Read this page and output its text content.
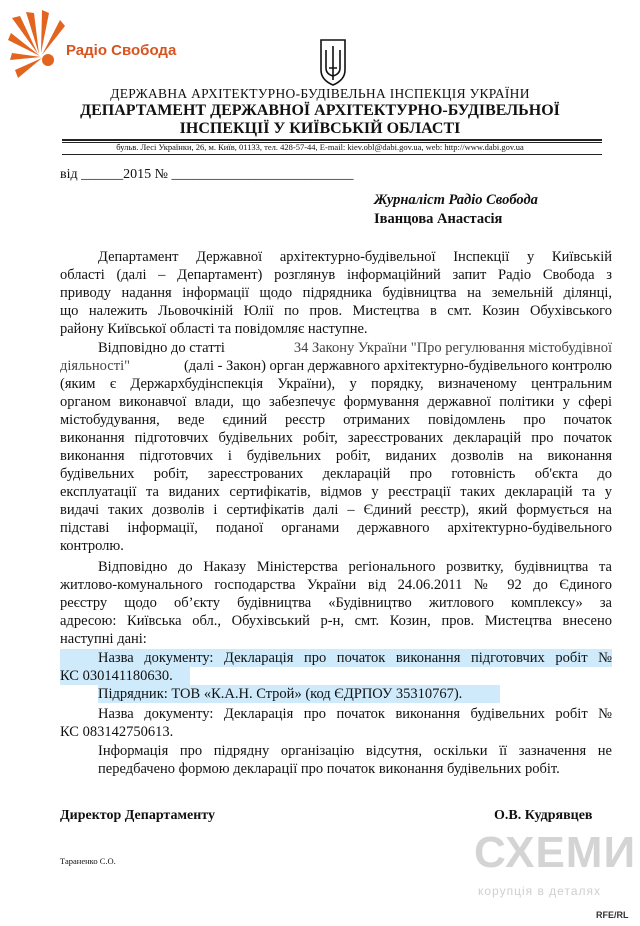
Радіо Свобода
ДЕРЖАВНА АРХІТЕКТУРНО-БУДІВЕЛЬНА ІНСПЕКЦІЯ УКРАЇНИ
ДЕПАРТАМЕНТ ДЕРЖАВНОЇ АРХІТЕКТУРНО-БУДІВЕЛЬНОЇ
ІНСПЕКЦІЇ У КИЇВСЬКІЙ ОБЛАСТІ
бульв. Лесі Українки, 26, м. Київ, 01133, тел. 428-57-44, E-mail: kiev.obl@dabi.gov.ua, web: http://www.dabi.gov.ua
від ______2015 № __________________________
Журналіст Радіо Свобода
Іванцова Анастасія
Департамент Державної архітектурно-будівельної Інспекції у Київській
області (далі – Департамент) розглянув інформаційний запит Радіо Свобода з
приводу надання інформації щодо підрядника будівництва на земельній ділянці,
що належить Льовочкіній Юлії по пров. Мистецтва в смт. Козин Обухівського
району Київської області та повідомляє наступне.
Відповідно до статті	34 Закону України "Про регулювання містобудівної
діяльності"	(далі - Закон) орган державного архітектурно-будівельного контролю
(яким є Держархбудінспекція України), у порядку, визначеному центральним
органом виконавчої влади, що забезпечує формування державної політики у сфері
містобудування, веде єдиний реєстр отриманих повідомлень про початок
виконання підготовчих будівельних робіт, зареєстрованих декларацій про початок
виконання підготовчих і будівельних робіт, виданих дозволів на виконання
будівельних робіт, зареєстрованих декларацій про готовність об'єкта до
експлуатації та виданих сертифікатів, відмов у реєстрації таких декларацій та у
видачі таких дозволів і сертифікатів далі – Єдиний реєстр), який формується на
підставі інформації, поданої органами державного архітектурно-будівельного
контролю.
Відповідно до Наказу Міністерства регіонального розвитку, будівництва та
житлово-комунального господарства України від 24.06.2011 № 92 до Єдиного
реєстру щодо об’єкту будівництва «Будівництво житлового комплексу» за
адресою: Київська обл., Обухівський р-н, смт. Козин, пров. Мистецтва внесено
наступні дані:
Назва документу: Декларація про початок виконання підготовчих робіт №
КС 030141180630.
Підрядник: ТОВ «К.А.Н. Строй» (код ЄДРПОУ 35310767).
Назва документу: Декларація про початок виконання будівельних робіт №
КС 083142750613.
Інформація про підрядну організацію відсутня, оскільки її зазначення не
передбачено формою декларації про початок виконання будівельних робіт.
Директор Департаменту	О.В. Кудрявцев
Тараненко С.О.	СХЕМИ
корупція в деталях
RFE/RL
